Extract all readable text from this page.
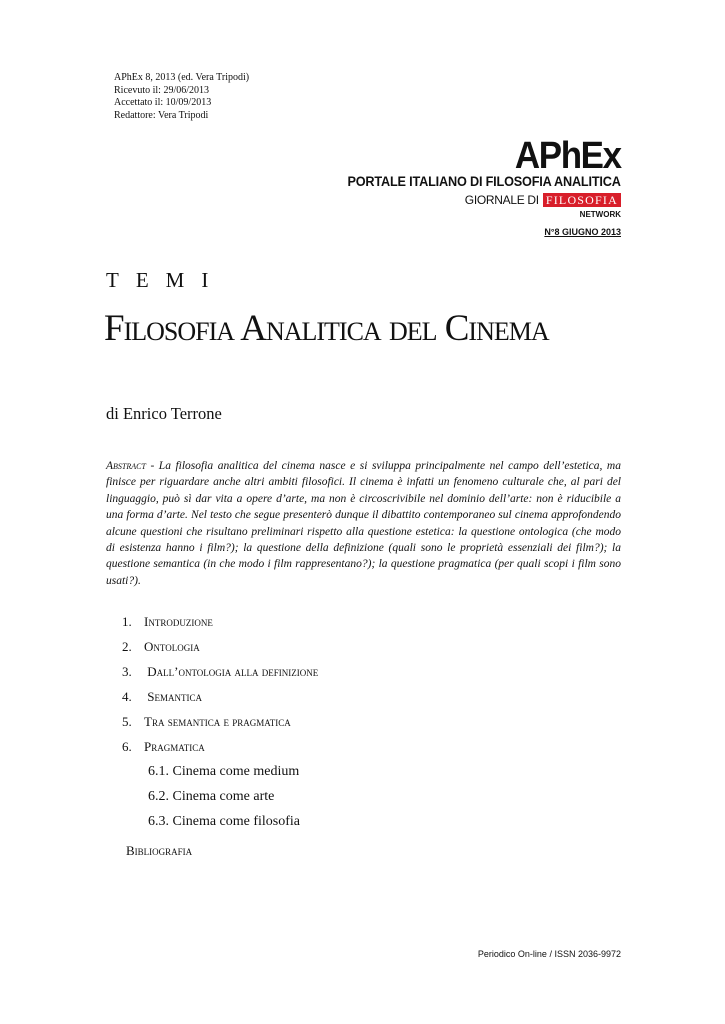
APhEx 8, 2013 (ed. Vera Tripodi)
Ricevuto il: 29/06/2013
Accettato il: 10/09/2013
Redattore: Vera Tripodi
APhEx
PORTALE ITALIANO DI FILOSOFIA ANALITICA
GIORNALE DI FILOSOFIA
NETWORK
N°8 GIUGNO 2013
TEMI
Filosofia Analitica del Cinema
di Enrico Terrone
Abstract - La filosofia analitica del cinema nasce e si sviluppa principalmente nel campo dell’estetica, ma finisce per riguardare anche altri ambiti filosofici. Il cinema è infatti un fenomeno culturale che, al pari del linguaggio, può sì dar vita a opere d’arte, ma non è circoscrivibile nel dominio dell’arte: non è riducibile a una forma d’arte. Nel testo che segue presenterò dunque il dibattito contemporaneo sul cinema approfondendo alcune questioni che risultano preliminari rispetto alla questione estetica: la questione ontologica (che modo di esistenza hanno i film?); la questione della definizione (quali sono le proprietà essenziali dei film?); la questione semantica (in che modo i film rappresentano?); la questione pragmatica (per quali scopi i film sono usati?).
1. Introduzione
2. Ontologia
3. Dall’ontologia alla definizione
4. Semantica
5. Tra semantica e pragmatica
6. Pragmatica
6.1. Cinema come medium
6.2. Cinema come arte
6.3. Cinema come filosofia
Bibliografia
Periodico On-line / ISSN 2036-9972
